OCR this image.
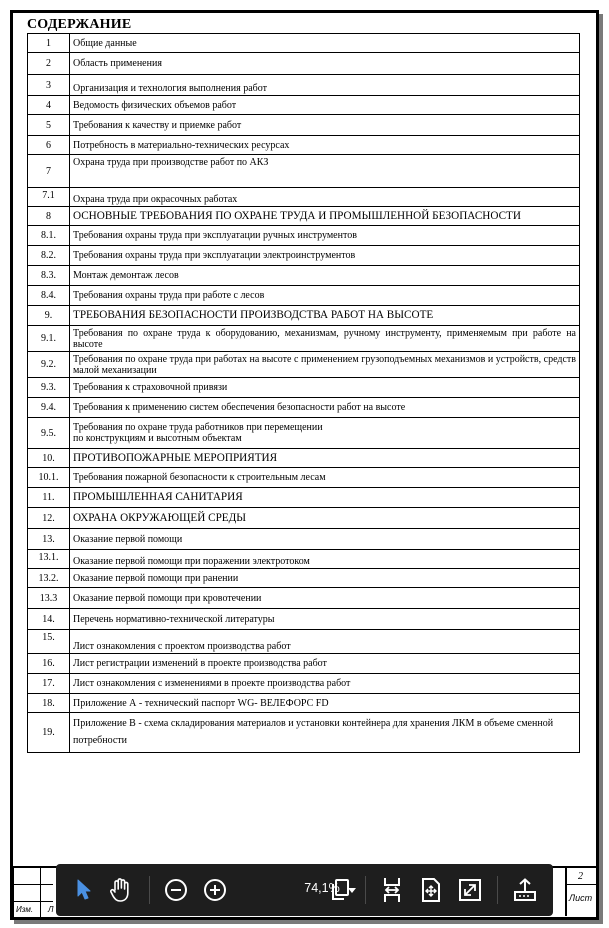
СОДЕРЖАНИЕ
1	Общие данные
2	Область применения
3	Организация и технология выполнения работ
4	Ведомость физических объемов работ
5	Требования к качеству и приемке работ
6	Потребность в материально-технических ресурсах
7	Охрана труда при производстве работ по АКЗ
7.1	Охрана труда при окрасочных работах
8	ОСНОВНЫЕ ТРЕБОВАНИЯ ПО ОХРАНЕ ТРУДА И ПРОМЫШЛЕННОЙ БЕЗОПАСНОСТИ
8.1.	Требования охраны труда при эксплуатации ручных инструментов
8.2.	Требования охраны труда при эксплуатации электроинструментов
8.3.	Монтаж демонтаж лесов
8.4.	Требования охраны труда при работе с лесов
9.	ТРЕБОВАНИЯ БЕЗОПАСНОСТИ ПРОИЗВОДСТВА РАБОТ НА ВЫСОТЕ
9.1.	Требования по охране труда к оборудованию, механизмам, ручному инструменту, применяемым при работе на высоте
9.2.	Требования по охране труда при работах на высоте с применением грузоподъемных механизмов и устройств, средств малой механизации
9.3.	Требования к страховочной привязи
9.4.	Требования к применению систем обеспечения безопасности работ на высоте
9.5.	Требования по охране труда работников при перемещении
по конструкциям и высотным объектам
10.	ПРОТИВОПОЖАРНЫЕ МЕРОПРИЯТИЯ
10.1.	Требования пожарной безопасности к строительным лесам
11.	ПРОМЫШЛЕННАЯ САНИТАРИЯ
12.	ОХРАНА ОКРУЖАЮЩЕЙ СРЕДЫ
13.	Оказание первой помощи
13.1.	Оказание первой помощи при поражении электротоком
13.2.	Оказание первой помощи при ранении
13.3	Оказание первой помощи при кровотечении
14.	Перечень нормативно-технической литературы
15.	Лист ознакомления с проектом производства работ
16.	Лист регистрации изменений в проекте производства работ
17.	Лист ознакомления с изменениями в проекте производства работ
18.	Приложение А - технический паспорт WG- ВЕЛЕФОРС FD
19.	Приложение В - схема складирования материалов и установки контейнера для хранения ЛКМ в объеме сменной потребности
Изм. Л
2
Лист
74,1%
